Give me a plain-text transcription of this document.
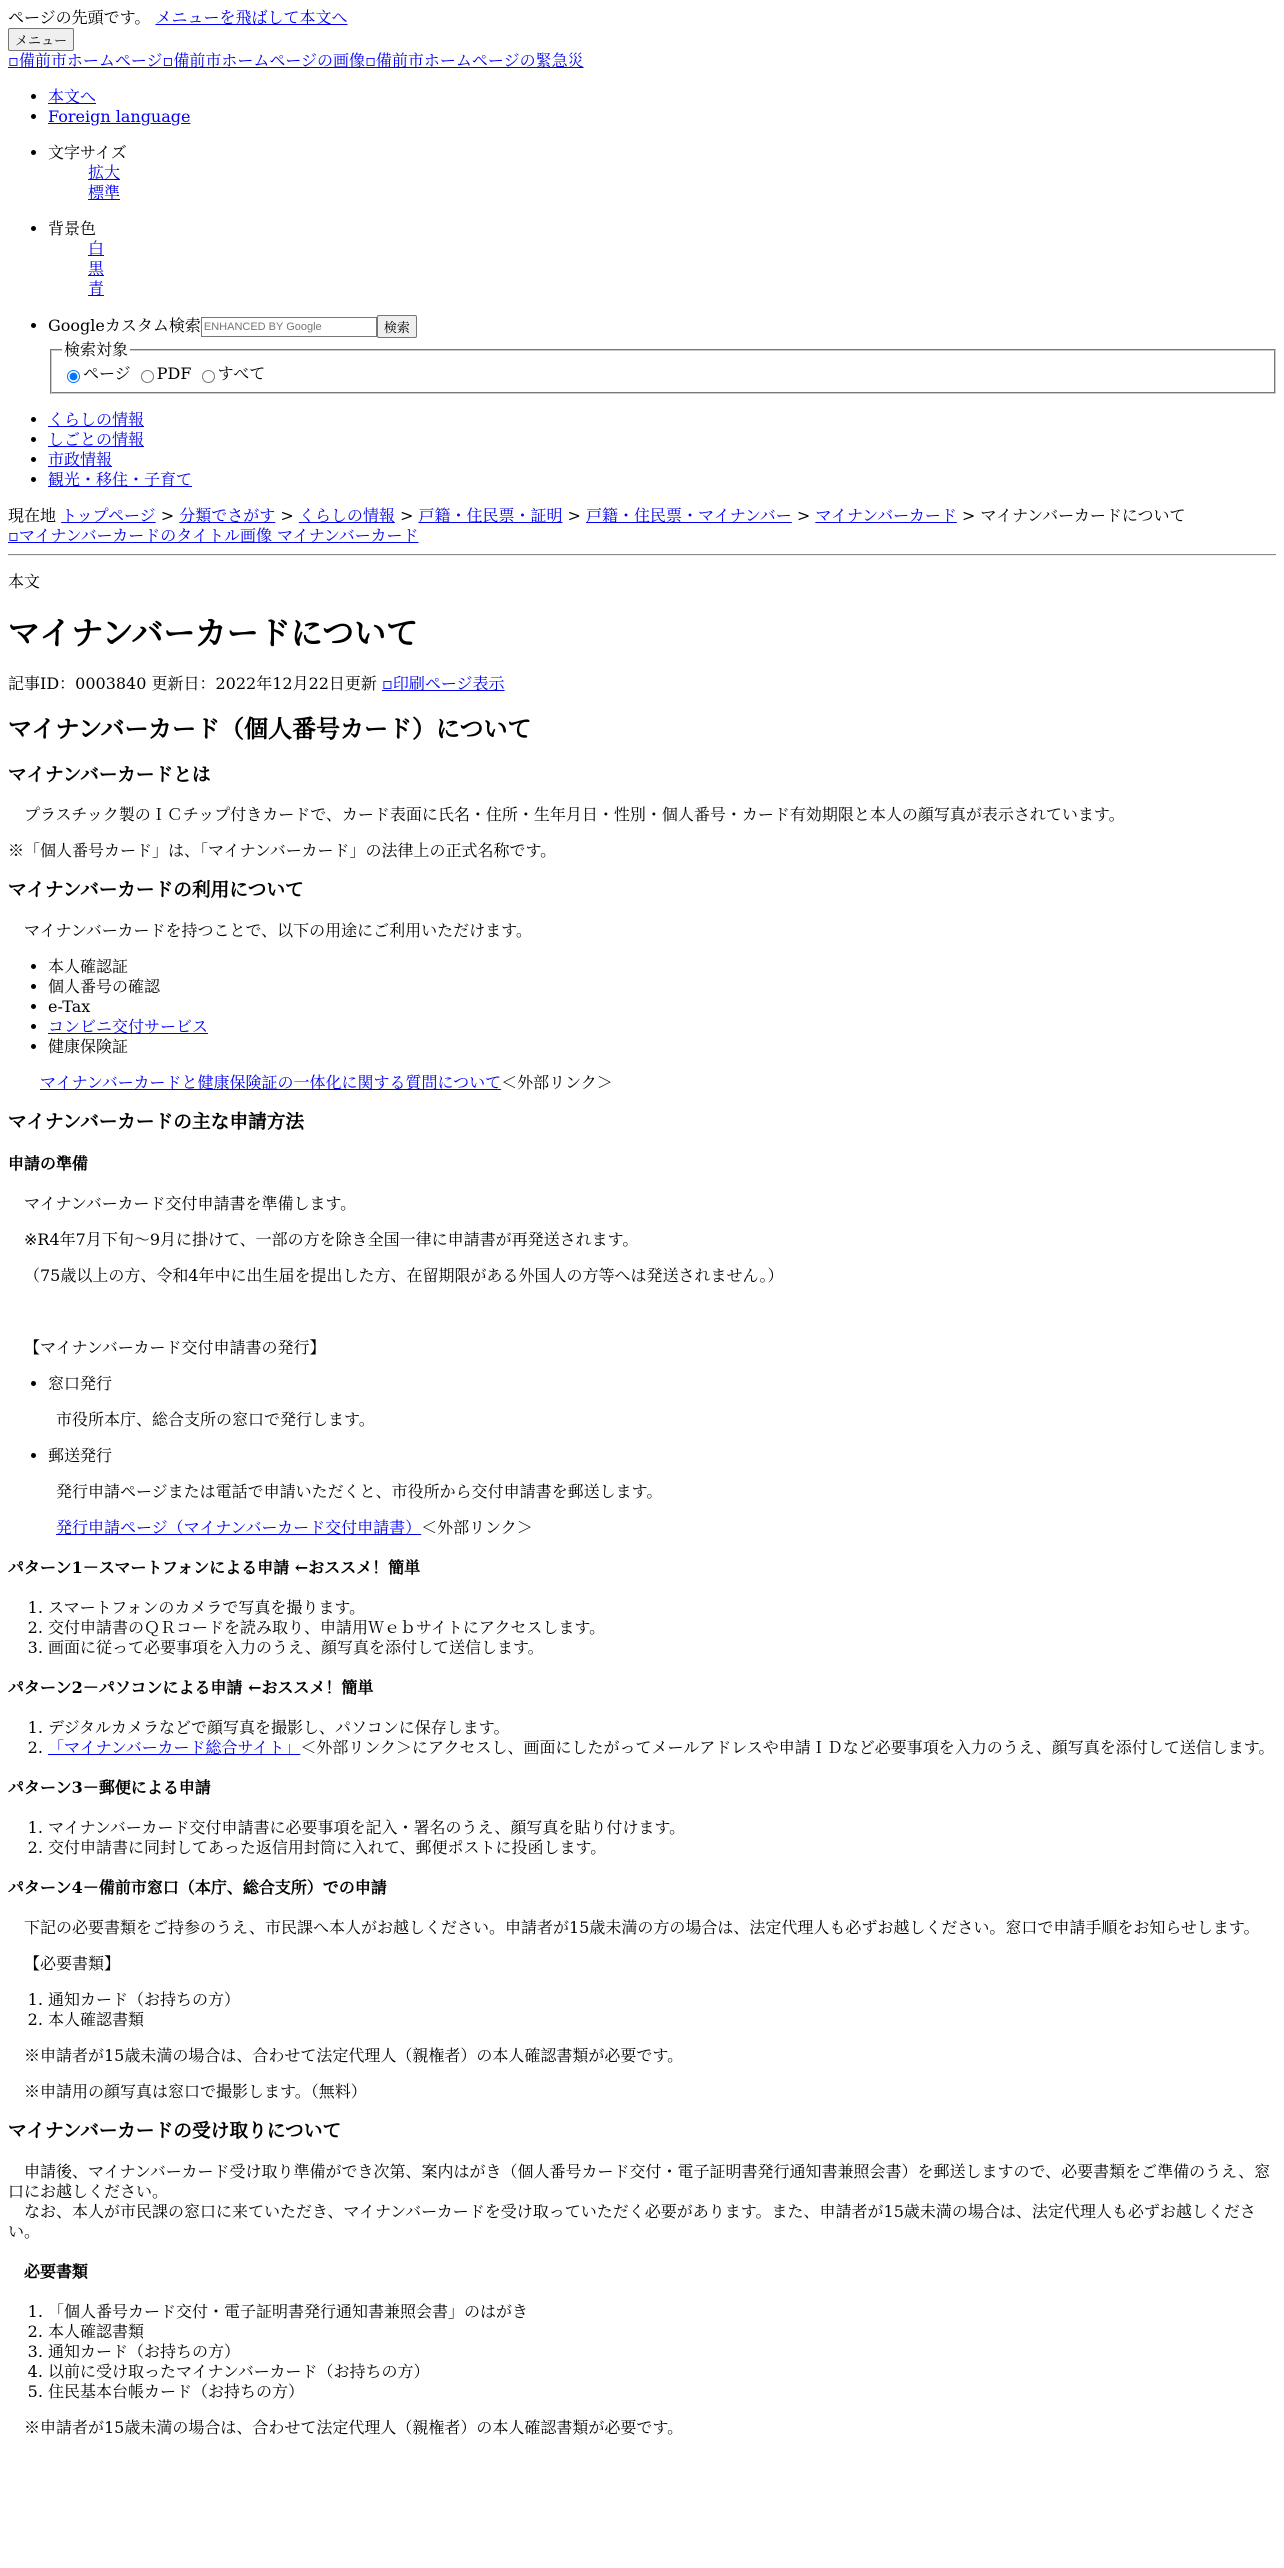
ページの先頭です。 メニューを飛ばして本文へ
メニュー
▫備前市ホームページ▫備前市ホームページの画像▫備前市ホームページの緊急災
• 本文へ
• Foreign language
• 文字サイズ
拡大
標準
• 背景色
白
黒
青
• Googleカスタム検索ENHANCED BY Google	検索
検索対象
ページ PDF すべて
• くらしの情報
• しごとの情報
• 市政情報
• 観光・移住・子育て
現在地 トップページ > 分類でさがす > くらしの情報 > 戸籍・住民票・証明 > 戸籍・住民票・マイナンバー > マイナンバーカード > マイナンバーカードについて
▫マイナンバーカードのタイトル画像 マイナンバーカード

本文

マイナンバーカードについて

記事ID：0003840 更新日：2022年12月22日更新 ▫印刷ページ表示

マイナンバーカード（個人番号カード）について
マイナンバーカードとは

プラスチック製のＩＣチップ付きカードで、カード表面に氏名・住所・生年月日・性別・個人番号・カード有効期限と本人の顔写真が表示されています。

※「個人番号カード」は、「マイナンバーカード」の法律上の正式名称です。

マイナンバーカードの利用について

マイナンバーカードを持つことで、以下の用途にご利用いただけます。

• 本人確認証
• 個人番号の確認
• e-Tax
• コンビニ交付サービス
• 健康保険証

マイナンバーカードと健康保険証の一体化に関する質問について＜外部リンク＞

マイナンバーカードの主な申請方法
申請の準備

マイナンバーカード交付申請書を準備します。

※R4年7月下旬～9月に掛けて、一部の方を除き全国一律に申請書が再発送されます。

（75歳以上の方、令和4年中に出生届を提出した方、在留期限がある外国人の方等へは発送されません。）

【マイナンバーカード交付申請書の発行】

• 窓口発行

市役所本庁、総合支所の窓口で発行します。

• 郵送発行

発行申請ページまたは電話で申請いただくと、市役所から交付申請書を郵送します。

発行申請ページ（マイナンバーカード交付申請書）＜外部リンク＞

パターン1－スマートフォンによる申請 ←おススメ！簡単
1. スマートフォンのカメラで写真を撮ります。
2. 交付申請書のＱＲコードを読み取り、申請用Ｗｅｂサイトにアクセスします。
3. 画面に従って必要事項を入力のうえ、顔写真を添付して送信します。
パターン2－パソコンによる申請 ←おススメ！簡単
1. デジタルカメラなどで顔写真を撮影し、パソコンに保存します。
2. 「マイナンバーカード総合サイト」＜外部リンク＞にアクセスし、画面にしたがってメールアドレスや申請ＩＤなど必要事項を入力のうえ、顔写真を添付して送信します。
パターン3－郵便による申請
1. マイナンバーカード交付申請書に必要事項を記入・署名のうえ、顔写真を貼り付けます。
2. 交付申請書に同封してあった返信用封筒に入れて、郵便ポストに投函します。
パターン4－備前市窓口（本庁、総合支所）での申請

下記の必要書類をご持参のうえ、市民課へ本人がお越しください。申請者が15歳未満の方の場合は、法定代理人も必ずお越しください。窓口で申請手順をお知らせします。

【必要書類】

1. 通知カード（お持ちの方）
2. 本人確認書類

※申請者が15歳未満の場合は、合わせて法定代理人（親権者）の本人確認書類が必要です。

※申請用の顔写真は窓口で撮影します。（無料）

マイナンバーカードの受け取りについて

申請後、マイナンバーカード受け取り準備ができ次第、案内はがき（個人番号カード交付・電子証明書発行通知書兼照会書）を郵送しますので、必要書類をご準備のうえ、窓口にお越しください。
なお、本人が市民課の窓口に来ていただき、マイナンバーカードを受け取っていただく必要があります。また、申請者が15歳未満の場合は、法定代理人も必ずお越しください。

必要書類
1. 「個人番号カード交付・電子証明書発行通知書兼照会書」のはがき
2. 本人確認書類
3. 通知カード（お持ちの方）
4. 以前に受け取ったマイナンバーカード（お持ちの方）
5. 住民基本台帳カード（お持ちの方）

※申請者が15歳未満の場合は、合わせて法定代理人（親権者）の本人確認書類が必要です。
